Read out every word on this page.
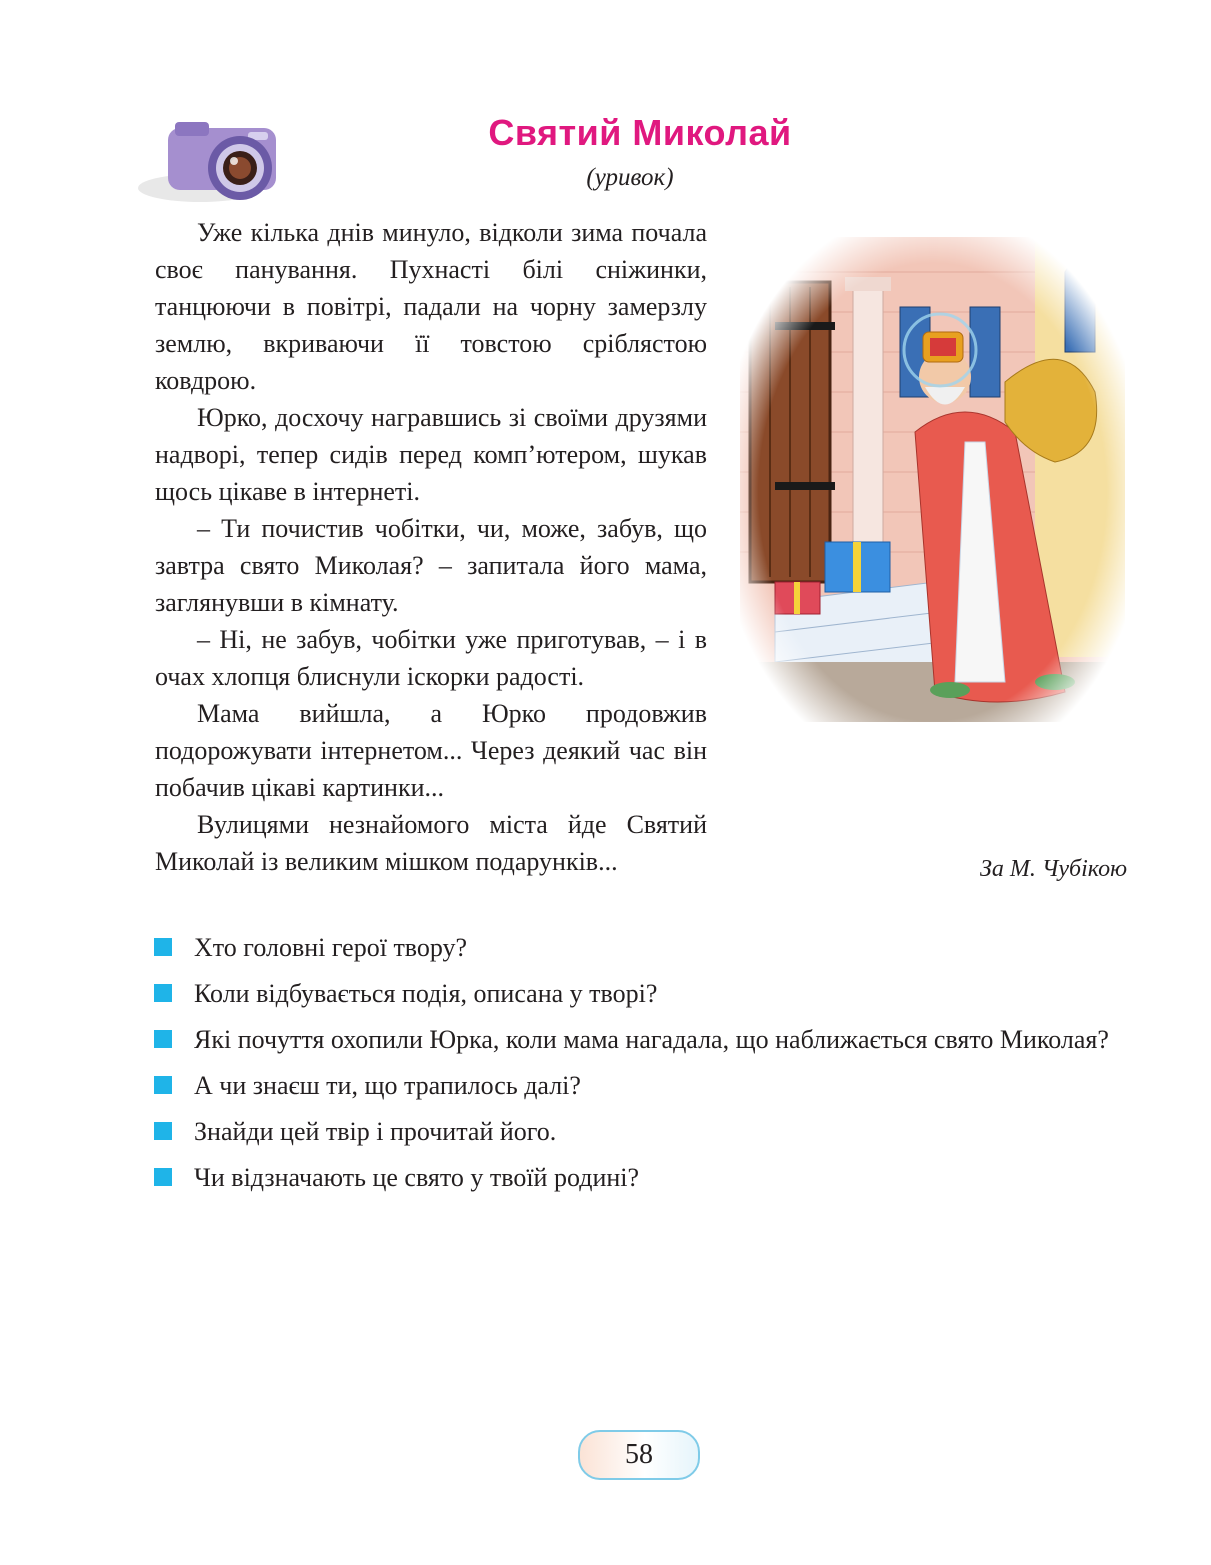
Святий Миколай
(уривок)

Уже кілька днів минуло, відколи зима почала своє панування. Пухнасті білі сніжинки, танцюючи в повітрі, падали на чорну замерзлу землю, вкриваючи її товстою сріблястою ковдрою.

Юрко, досхочу награвшись зі своїми друзями надворі, тепер сидів перед комп’ютером, шукав щось цікаве в інтернеті.

– Ти почистив чобітки, чи, може, забув, що завтра свято Миколая? – запитала його мама, заглянувши в кімнату.

– Ні, не забув, чобітки уже приготував, – і в очах хлопця блиснули іскорки радості.

Мама вийшла, а Юрко продовжив подорожувати інтернетом... Через деякий час він побачив цікаві картинки...

Вулицями незнайомого міста йде Святий Миколай із великим мішком подарунків...	За М. Чубікою
Хто головні герої твору?
Коли відбувається подія, описана у творі?
Які почуття охопили Юрка, коли мама нагадала, що наближається свято Миколая?
А чи знаєш ти, що трапилось далі?
Знайди цей твір і прочитай його.
Чи відзначають це свято у твоїй родині?
58
